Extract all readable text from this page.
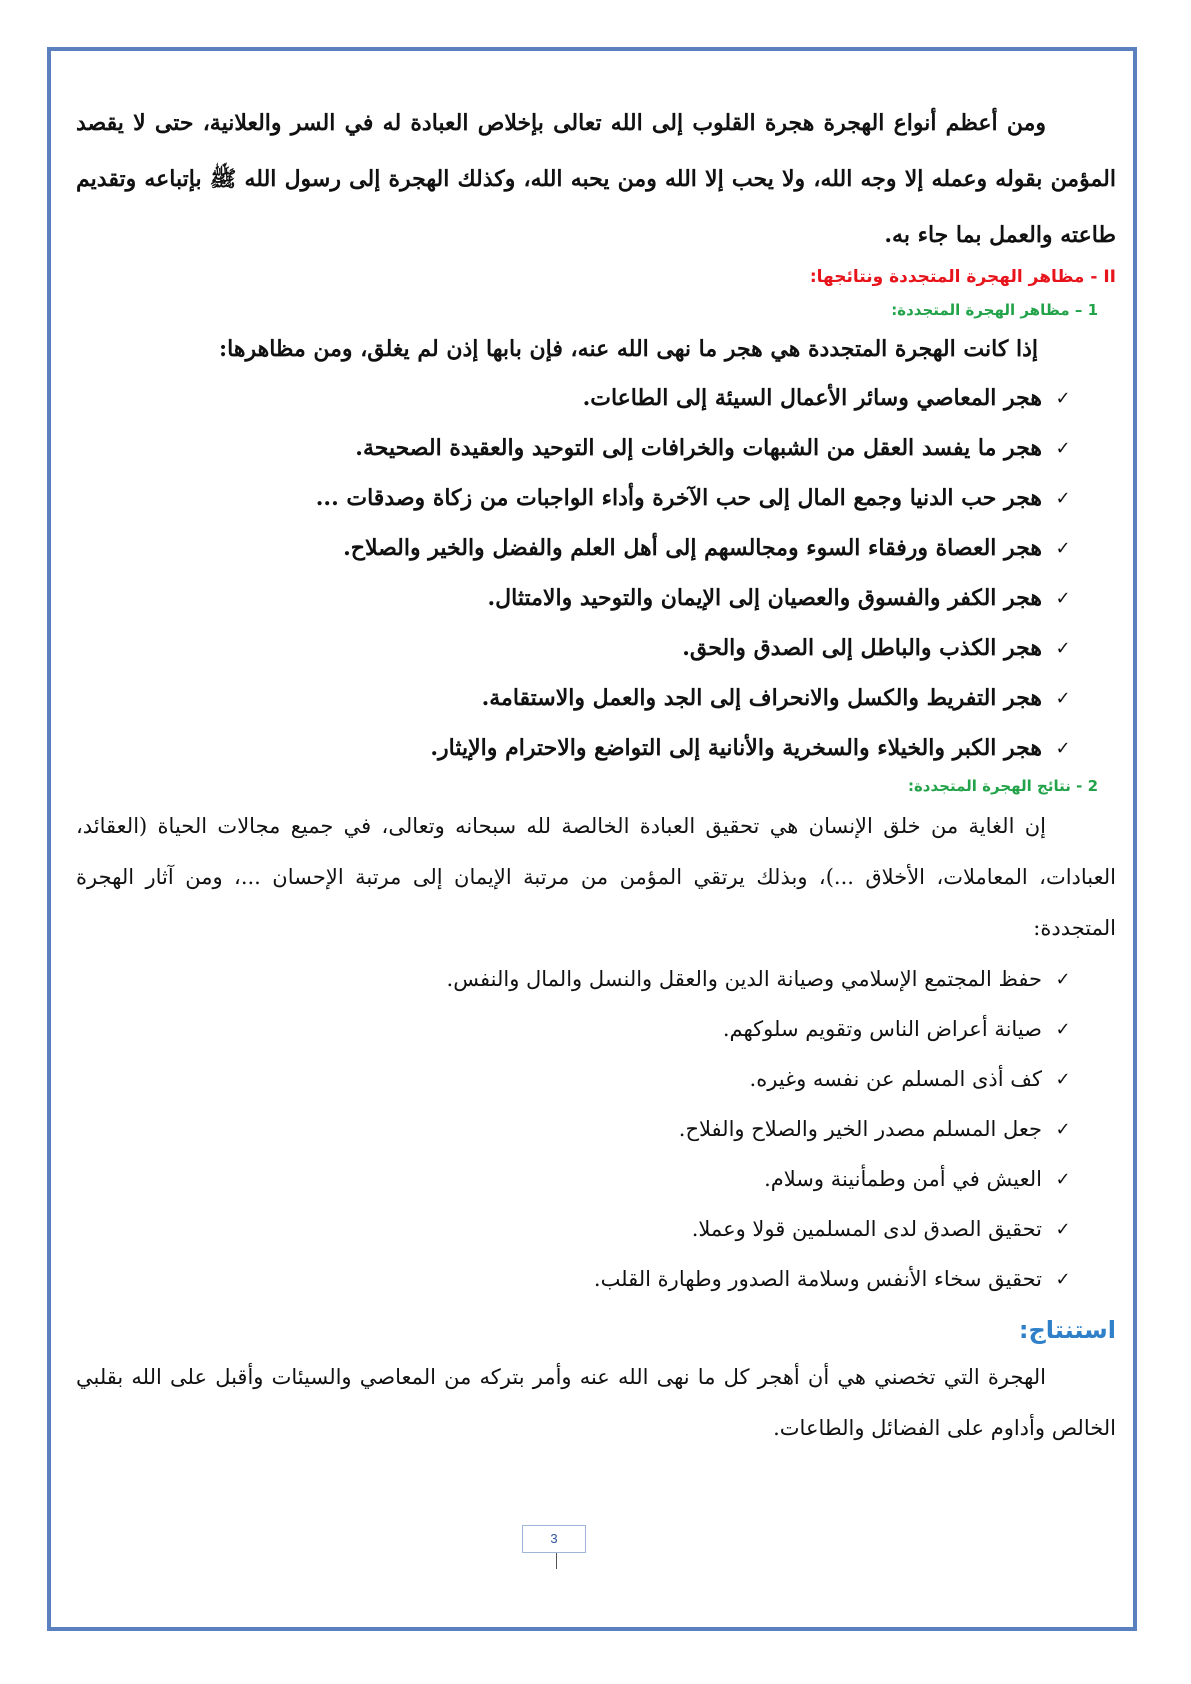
ومن أعظم أنواع الهجرة هجرة القلوب إلى الله تعالى بإخلاص العبادة له في السر والعلانية، حتى لا يقصد المؤمن بقوله وعمله إلا وجه الله، ولا يحب إلا الله ومن يحبه الله، وكذلك الهجرة إلى رسول الله ﷺ بإتباعه وتقديم طاعته والعمل بما جاء به.

II - مظاهر الهجرة المتجددة ونتائجها:
1 – مظاهر الهجرة المتجددة:

إذا كانت الهجرة المتجددة هي هجر ما نهى الله عنه، فإن بابها إذن لم يغلق، ومن مظاهرها:

✓
هجر المعاصي وسائر الأعمال السيئة إلى الطاعات.
✓
هجر ما يفسد العقل من الشبهات والخرافات إلى التوحيد والعقيدة الصحيحة.
✓
هجر حب الدنيا وجمع المال إلى حب الآخرة وأداء الواجبات من زكاة وصدقات ...
✓
هجر العصاة ورفقاء السوء ومجالسهم إلى أهل العلم والفضل والخير والصلاح.
✓
هجر الكفر والفسوق والعصيان إلى الإيمان والتوحيد والامتثال.
✓
هجر الكذب والباطل إلى الصدق والحق.
✓
هجر التفريط والكسل والانحراف إلى الجد والعمل والاستقامة.
✓
هجر الكبر والخيلاء والسخرية والأنانية إلى التواضع والاحترام والإيثار.
2 - نتائج الهجرة المتجددة:

إن الغاية من خلق الإنسان هي تحقيق العبادة الخالصة لله سبحانه وتعالى، في جميع مجالات الحياة (العقائد، العبادات، المعاملات، الأخلاق ...)، وبذلك يرتقي المؤمن من مرتبة الإيمان إلى مرتبة الإحسان ...، ومن آثار الهجرة المتجددة:

✓
حفظ المجتمع الإسلامي وصيانة الدين والعقل والنسل والمال والنفس.
✓
صيانة أعراض الناس وتقويم سلوكهم.
✓
كف أذى المسلم عن نفسه وغيره.
✓
جعل المسلم مصدر الخير والصلاح والفلاح.
✓
العيش في أمن وطمأنينة وسلام.
✓
تحقيق الصدق لدى المسلمين قولا وعملا.
✓
تحقيق سخاء الأنفس وسلامة الصدور وطهارة القلب.
استنتاج:

الهجرة التي تخصني هي أن أهجر كل ما نهى الله عنه وأمر بتركه من المعاصي والسيئات وأقبل على الله بقلبي الخالص وأداوم على الفضائل والطاعات.

3
